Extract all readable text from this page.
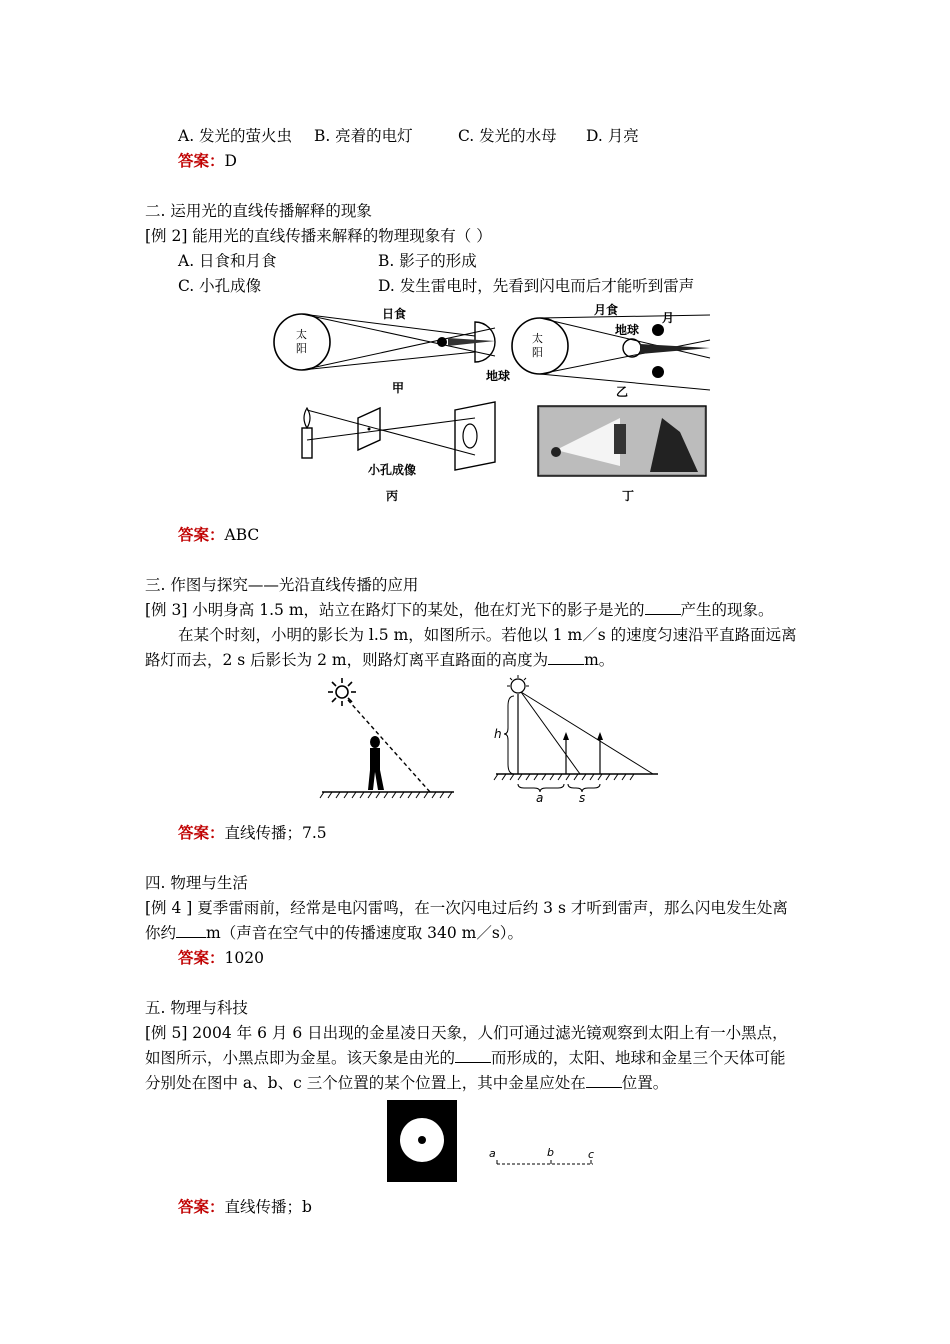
A. 发光的萤火虫 B. 亮着的电灯	C. 发光的水母 D. 月亮
答案：D
二. 运用光的直线传播解释的现象
[例 2] 能用光的直线传播来解释的物理现象有（ ）
A. 日食和月食	B. 影子的形成
C. 小孔成像	D. 发生雷电时，先看到闪电而后才能听到雷声
太
阳
日食
地球
甲
太
阳
月食
地球
月
乙
小孔成像
丙	丁
答案：ABC
三. 作图与探究——光沿直线传播的应用
[例 3] 小明身高 1.5 m，站立在路灯下的某处，他在灯光下的影子是光的 产生的现象。
在某个时刻，小明的影长为 l.5 m，如图所示。若他以 1 m／s 的速度匀速沿平直路面远离
路灯而去，2 s 后影长为 2 m，则路灯离平直路面的高度为 m。
h
a	s
答案：直线传播；7.5
四. 物理与生活
[例 4 ] 夏季雷雨前，经常是电闪雷鸣，在一次闪电过后约 3 s 才听到雷声，那么闪电发生处离
你约 m（声音在空气中的传播速度取 340 m／s）。
答案：1020
五. 物理与科技
[例 5] 2004 年 6 月 6 日出现的金星凌日天象，人们可通过滤光镜观察到太阳上有一小黑点，
如图所示，小黑点即为金星。该天象是由光的 而形成的，太阳、地球和金星三个天体可能
分别处在图中 a、b、c 三个位置的某个位置上，其中金星应处在 位置。
a	b	c
答案：直线传播；b
